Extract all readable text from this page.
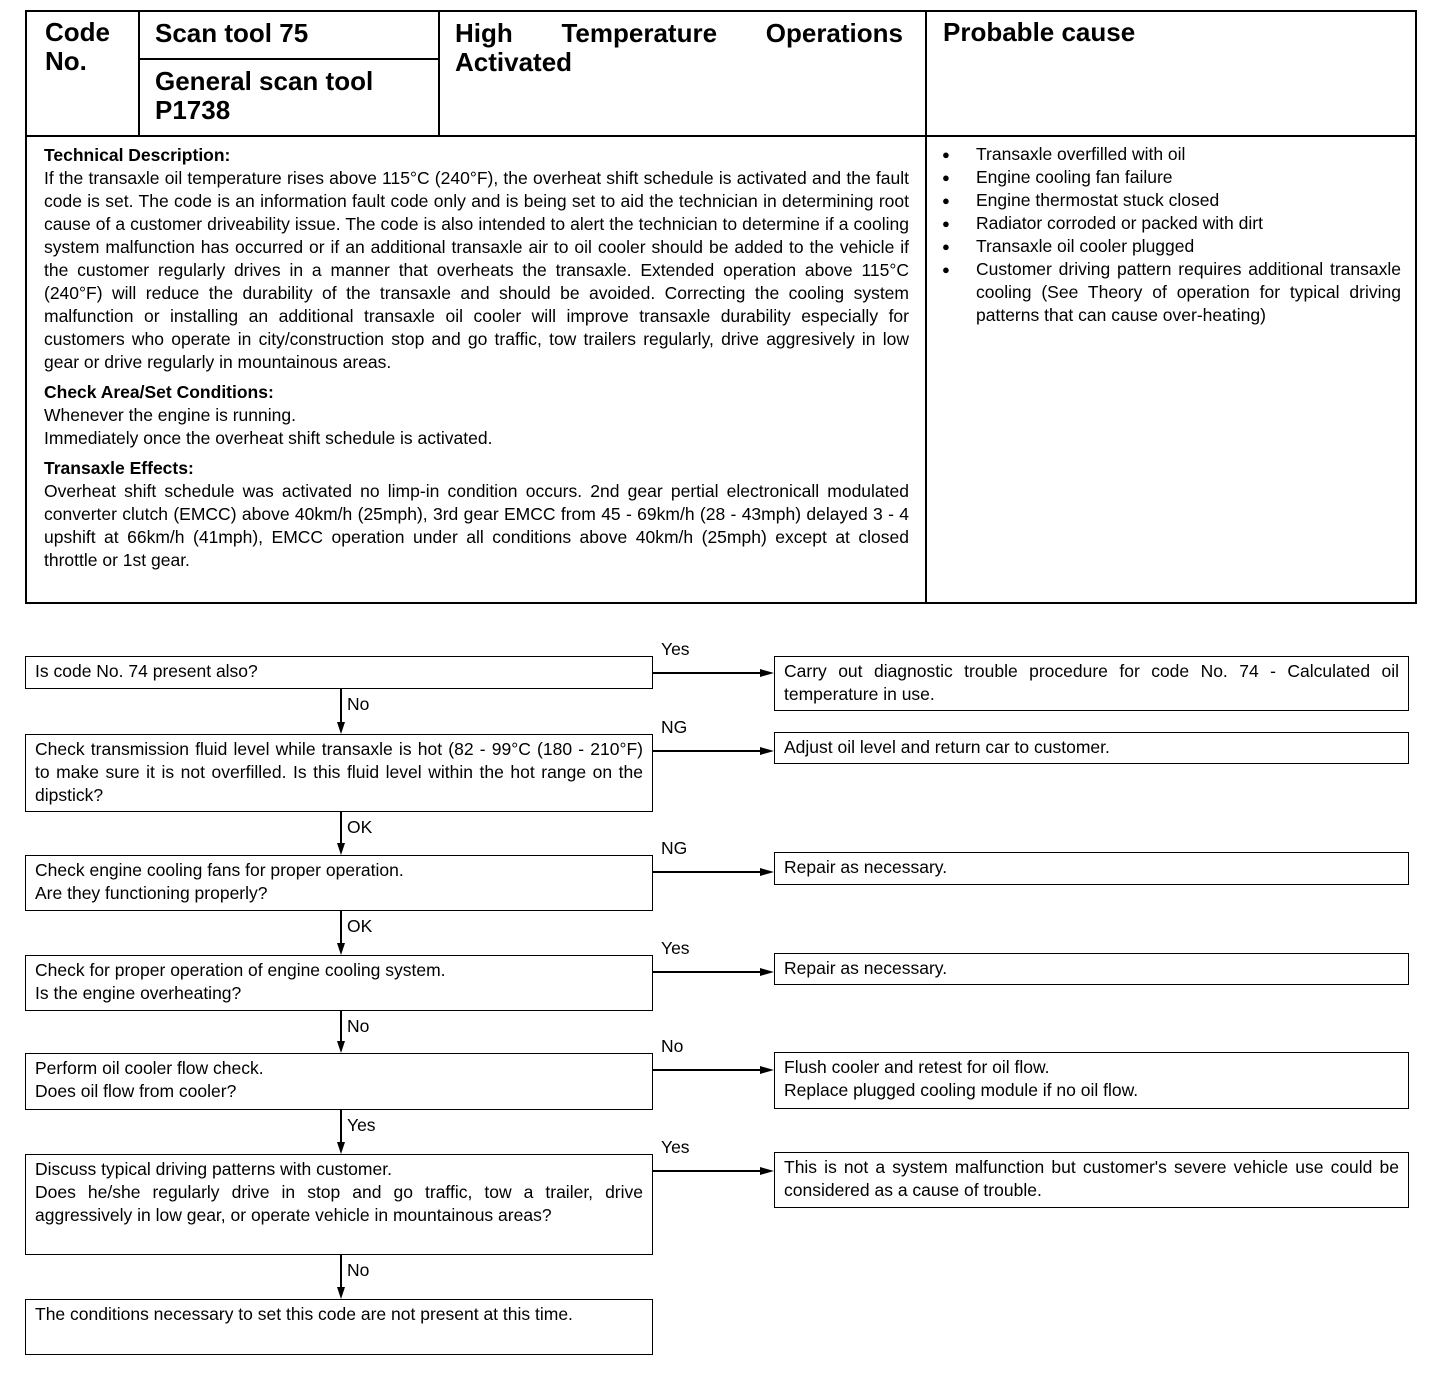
Code No.
Scan tool 75
General scan tool P1738
High Temperature Operations Activated
Probable cause
Technical Description:
If the transaxle oil temperature rises above 115°C (240°F), the overheat shift schedule is activated and the fault code is set. The code is an information fault code only and is being set to aid the technician in determining root cause of a customer driveability issue. The code is also intended to alert the technician to determine if a cooling system malfunction has occurred or if an additional transaxle air to oil cooler should be added to the vehicle if the customer regularly drives in a manner that overheats the transaxle. Extended operation above 115°C (240°F) will reduce the durability of the transaxle and should be avoided. Correcting the cooling system malfunction or installing an additional transaxle oil cooler will improve transaxle durability especially for customers who operate in city/construction stop and go traffic, tow trailers regularly, drive aggresively in low gear or drive regularly in mountainous areas.
Check Area/Set Conditions:
Whenever the engine is running.
Immediately once the overheat shift schedule is activated.
Transaxle Effects:
Overheat shift schedule was activated no limp-in condition occurs. 2nd gear pertial electronicall modulated converter clutch (EMCC) above 40km/h (25mph), 3rd gear EMCC from 45 - 69km/h (28 - 43mph) delayed 3 - 4 upshift at 66km/h (41mph), EMCC operation under all conditions above 40km/h (25mph) except at closed throttle or 1st gear.
● Transaxle overfilled with oil
● Engine cooling fan failure
● Engine thermostat stuck closed
● Radiator corroded or packed with dirt
● Transaxle oil cooler plugged
● Customer driving pattern requires additional transaxle cooling (See Theory of operation for typical driving patterns that can cause over-heating)
Is code No. 74 present also?	Carry out diagnostic trouble procedure for code No. 74 - Calculated oil temperature in use.
Yes
No
Check transmission fluid level while transaxle is hot (82 - 99°C (180 - 210°F) to make sure it is not overfilled. Is this fluid level within the hot range on the dipstick?
Adjust oil level and return car to customer.
NG
OK
Check engine cooling fans for proper operation.
Are they functioning properly?
Repair as necessary.
NG
OK
Check for proper operation of engine cooling system.
Is the engine overheating?
Repair as necessary.
Yes
No
Perform oil cooler flow check.
Does oil flow from cooler?
Flush cooler and retest for oil flow.
Replace plugged cooling module if no oil flow.
No
Yes
Discuss typical driving patterns with customer.
Does he/she regularly drive in stop and go traffic, tow a trailer, drive aggressively in low gear, or operate vehicle in mountainous areas?
This is not a system malfunction but customer's severe vehicle use could be considered as a cause of trouble.
Yes
No
The conditions necessary to set this code are not present at this time.
